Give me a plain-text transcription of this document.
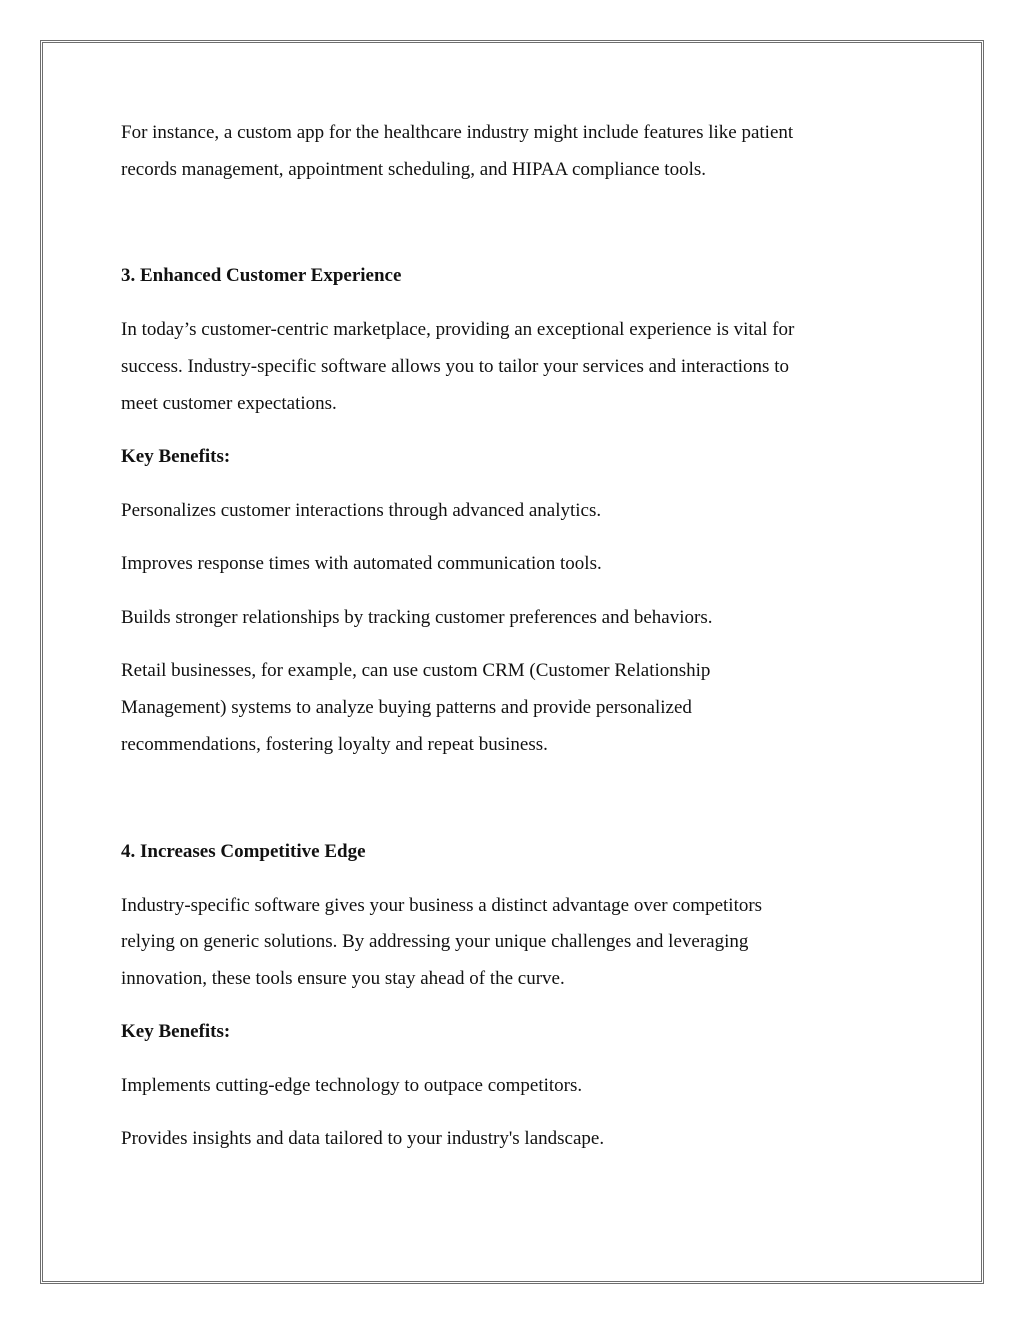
For instance, a custom app for the healthcare industry might include features like patient

records management, appointment scheduling, and HIPAA compliance tools.

3. Enhanced Customer Experience

In today’s customer-centric marketplace, providing an exceptional experience is vital for

success. Industry-specific software allows you to tailor your services and interactions to

meet customer expectations.

Key Benefits:

Personalizes customer interactions through advanced analytics.

Improves response times with automated communication tools.

Builds stronger relationships by tracking customer preferences and behaviors.

Retail businesses, for example, can use custom CRM (Customer Relationship

Management) systems to analyze buying patterns and provide personalized

recommendations, fostering loyalty and repeat business.

4. Increases Competitive Edge

Industry-specific software gives your business a distinct advantage over competitors

relying on generic solutions. By addressing your unique challenges and leveraging

innovation, these tools ensure you stay ahead of the curve.

Key Benefits:

Implements cutting-edge technology to outpace competitors.

Provides insights and data tailored to your industry's landscape.
